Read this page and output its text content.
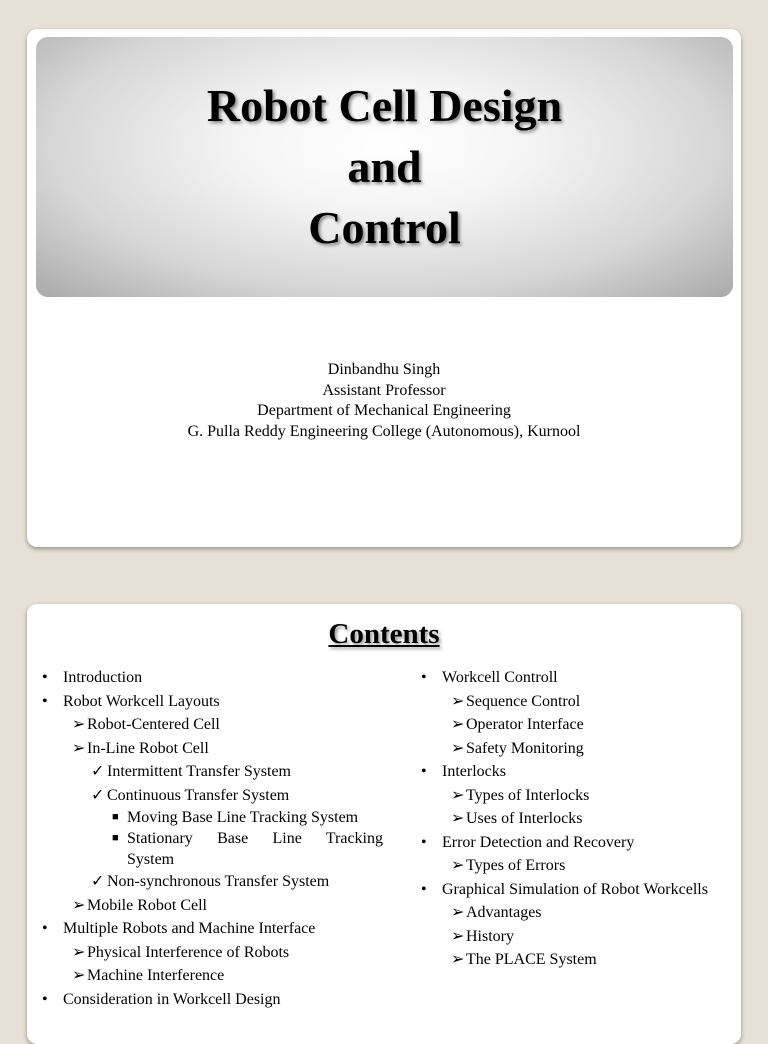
Robot Cell Design
and
Control
Dinbandhu Singh
Assistant Professor
Department of Mechanical Engineering
G. Pulla Reddy Engineering College (Autonomous), Kurnool
Contents
• Introduction
• Robot Workcell Layouts
➢ Robot-Centered Cell
➢ In-Line Robot Cell
✓ Intermittent Transfer System
✓ Continuous Transfer System
■ Moving Base Line Tracking System
■ Stationary Base Line Tracking
System
✓ Non-synchronous Transfer System
➢ Mobile Robot Cell
• Multiple Robots and Machine Interface
➢ Physical Interference of Robots
➢ Machine Interference
• Consideration in Workcell Design
• Workcell Controll
➢ Sequence Control
➢ Operator Interface
➢ Safety Monitoring
• Interlocks
➢ Types of Interlocks
➢ Uses of Interlocks
• Error Detection and Recovery
➢ Types of Errors
• Graphical Simulation of Robot Workcells
➢ Advantages
➢ History
➢ The PLACE System
